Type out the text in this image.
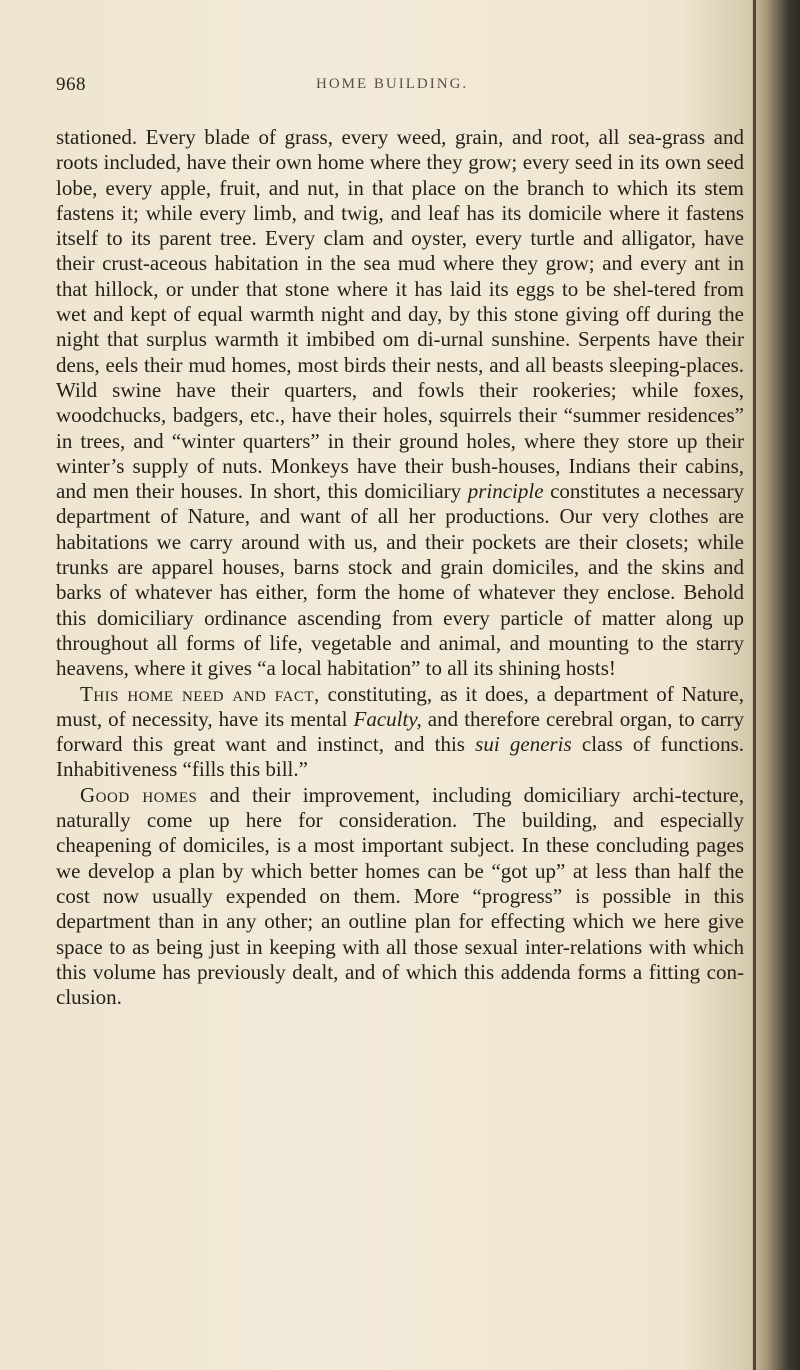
968	HOME BUILDING.

stationed. Every blade of grass, every weed, grain, and root, all sea-grass and roots included, have their own home where they grow; every seed in its own seed lobe, every apple, fruit, and nut, in that place on the branch to which its stem fastens it; while every limb, and twig, and leaf has its domicile where it fastens itself to its parent tree. Every clam and oyster, every turtle and alligator, have their crust-aceous habitation in the sea mud where they grow; and every ant in that hillock, or under that stone where it has laid its eggs to be shel-tered from wet and kept of equal warmth night and day, by this stone giving off during the night that surplus warmth it imbibed om di-urnal sunshine. Serpents have their dens, eels their mud homes, most birds their nests, and all beasts sleeping-places. Wild swine have their quarters, and fowls their rookeries; while foxes, woodchucks, badgers, etc., have their holes, squirrels their “summer residences” in trees, and “winter quarters” in their ground holes, where they store up their winter’s supply of nuts. Monkeys have their bush-houses, Indians their cabins, and men their houses. In short, this domiciliary principle constitutes a necessary department of Nature, and want of all her productions. Our very clothes are habitations we carry around with us, and their pockets are their closets; while trunks are apparel houses, barns stock and grain domiciles, and the skins and barks of whatever has either, form the home of whatever they enclose. Behold this domiciliary ordinance ascending from every particle of matter along up throughout all forms of life, vegetable and animal, and mounting to the starry heavens, where it gives “a local habitation” to all its shining hosts!

This home need and fact, constituting, as it does, a department of Nature, must, of necessity, have its mental Faculty, and therefore cerebral organ, to carry forward this great want and instinct, and this sui generis class of functions. Inhabitiveness “fills this bill.”

Good homes and their improvement, including domiciliary archi-tecture, naturally come up here for consideration. The building, and especially cheapening of domiciles, is a most important subject. In these concluding pages we develop a plan by which better homes can be “got up” at less than half the cost now usually expended on them. More “progress” is possible in this department than in any other; an outline plan for effecting which we here give space to as being just in keeping with all those sexual inter-relations with which this volume has previously dealt, and of which this addenda forms a fitting con-clusion.
